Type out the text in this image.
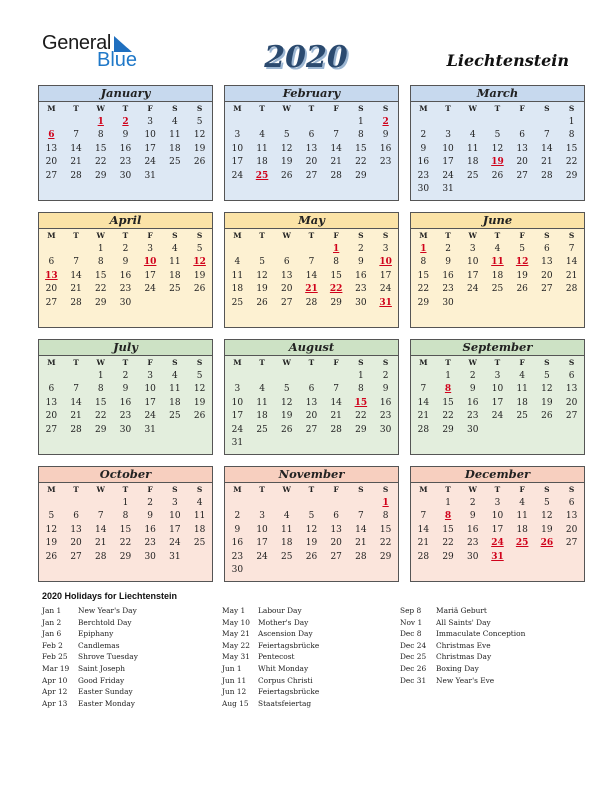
General
Blue	2020	Liechtenstein
January
M	T	W	T	F	S	S
		1	2	3	4	5
6	7	8	9	10	11	12
13	14	15	16	17	18	19
20	21	22	23	24	25	26
27	28	29	30	31		
February
M	T	W	T	F	S	S
					1	2
3	4	5	6	7	8	9
10	11	12	13	14	15	16
17	18	19	20	21	22	23
24	25	26	27	28	29	
March
M	T	W	T	F	S	S
						1
2	3	4	5	6	7	8
9	10	11	12	13	14	15
16	17	18	19	20	21	22
23	24	25	26	27	28	29
30	31					
April
M	T	W	T	F	S	S
		1	2	3	4	5
6	7	8	9	10	11	12
13	14	15	16	17	18	19
20	21	22	23	24	25	26
27	28	29	30			
May
M	T	W	T	F	S	S
				1	2	3
4	5	6	7	8	9	10
11	12	13	14	15	16	17
18	19	20	21	22	23	24
25	26	27	28	29	30	31
June
M	T	W	T	F	S	S
1	2	3	4	5	6	7
8	9	10	11	12	13	14
15	16	17	18	19	20	21
22	23	24	25	26	27	28
29	30					
July
M	T	W	T	F	S	S
		1	2	3	4	5
6	7	8	9	10	11	12
13	14	15	16	17	18	19
20	21	22	23	24	25	26
27	28	29	30	31		
August
M	T	W	T	F	S	S
					1	2
3	4	5	6	7	8	9
10	11	12	13	14	15	16
17	18	19	20	21	22	23
24	25	26	27	28	29	30
31						
September
M	T	W	T	F	S	S
	1	2	3	4	5	6
7	8	9	10	11	12	13
14	15	16	17	18	19	20
21	22	23	24	25	26	27
28	29	30				
October
M	T	W	T	F	S	S
			1	2	3	4
5	6	7	8	9	10	11
12	13	14	15	16	17	18
19	20	21	22	23	24	25
26	27	28	29	30	31	
November
M	T	W	T	F	S	S
						1
2	3	4	5	6	7	8
9	10	11	12	13	14	15
16	17	18	19	20	21	22
23	24	25	26	27	28	29
30						
December
M	T	W	T	F	S	S
	1	2	3	4	5	6
7	8	9	10	11	12	13
14	15	16	17	18	19	20
21	22	23	24	25	26	27
28	29	30	31			
2020 Holidays for Liechtenstein
Jan 1 New Year's Day
Jan 2 Berchtold Day
Jan 6 Epiphany
Feb 2 Candlemas
Feb 25 Shrove Tuesday
Mar 19 Saint Joseph
Apr 10 Good Friday
Apr 12 Easter Sunday
Apr 13 Easter Monday
May 1 Labour Day
May 10 Mother's Day
May 21 Ascension Day
May 22 Feiertagsbrücke
May 31 Pentecost
Jun 1 Whit Monday
Jun 11 Corpus Christi
Jun 12 Feiertagsbrücke
Aug 15 Staatsfeiertag
Sep 8 Mariä Geburt
Nov 1 All Saints' Day
Dec 8 Immaculate Conception
Dec 24 Christmas Eve
Dec 25 Christmas Day
Dec 26 Boxing Day
Dec 31 New Year's Eve
